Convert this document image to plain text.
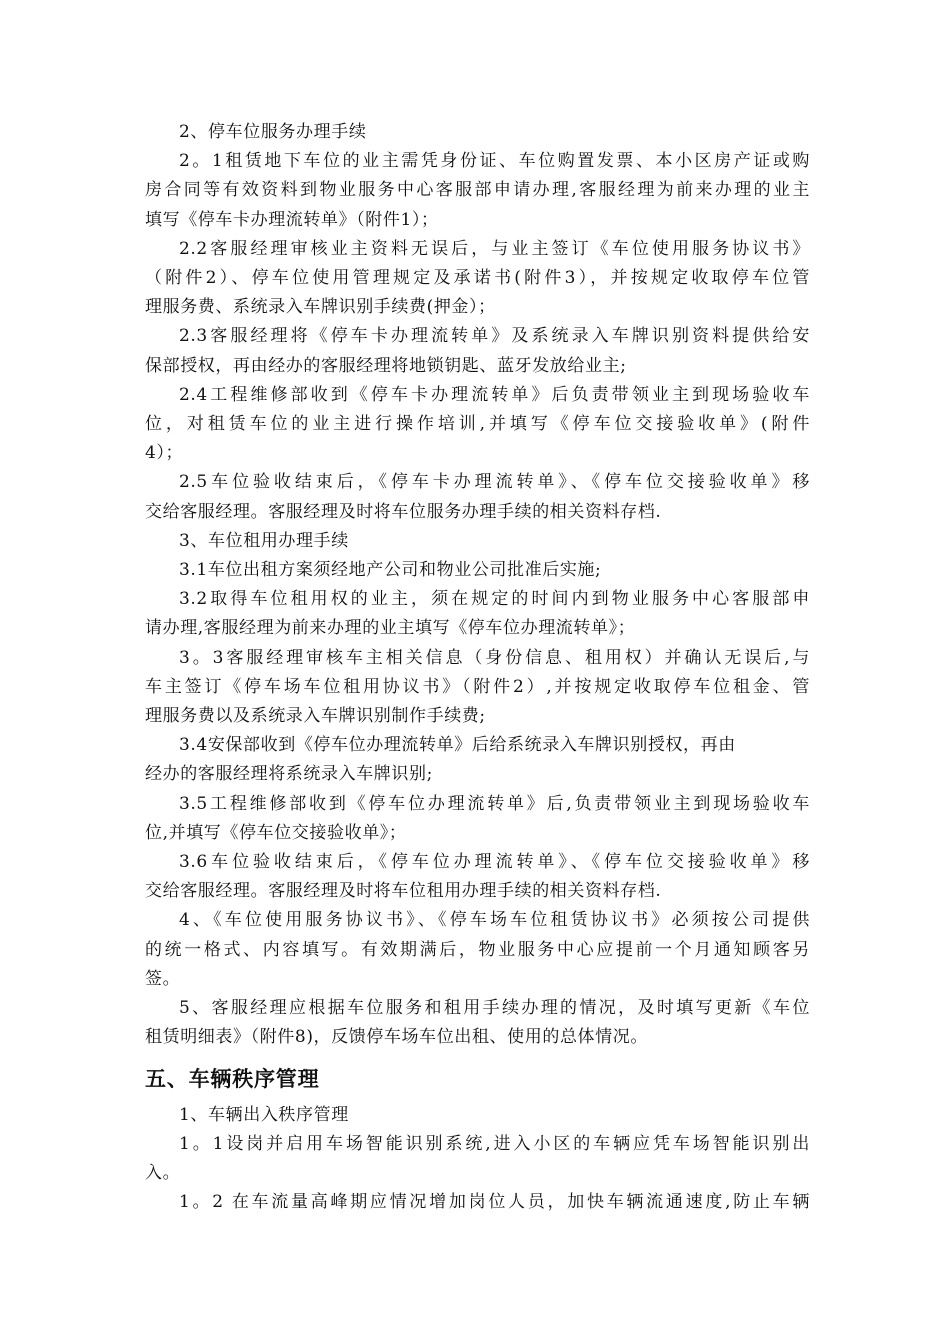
2、停车位服务办理手续

2。1租赁地下车位的业主需凭身份证、车位购置发票、本小区房产证或购

房合同等有效资料到物业服务中心客服部申请办理,客服经理为前来办理的业主

填写《停车卡办理流转单》（附件1）；

2.2客服经理审核业主资料无误后，与业主签订《车位使用服务协议书》

（附件2）、停车位使用管理规定及承诺书(附件3），并按规定收取停车位管

理服务费、系统录入车牌识别手续费(押金）；

2.3客服经理将《停车卡办理流转单》及系统录入车牌识别资料提供给安

保部授权，再由经办的客服经理将地锁钥匙、蓝牙发放给业主;

2.4工程维修部收到《停车卡办理流转单》后负责带领业主到现场验收车

位，对租赁车位的业主进行操作培训,并填写《停车位交接验收单》(附件

4）；

2.5车位验收结束后，《停车卡办理流转单》、《停车位交接验收单》移

交给客服经理。客服经理及时将车位服务办理手续的相关资料存档.

3、车位租用办理手续

3.1车位出租方案须经地产公司和物业公司批准后实施;

3.2取得车位租用权的业主，须在规定的时间内到物业服务中心客服部申

请办理,客服经理为前来办理的业主填写《停车位办理流转单》；

3。3客服经理审核车主相关信息（身份信息、租用权）并确认无误后,与

车主签订《停车场车位租用协议书》（附件2）,并按规定收取停车位租金、管

理服务费以及系统录入车牌识别制作手续费;

3.4安保部收到《停车位办理流转单》后给系统录入车牌识别授权，再由

经办的客服经理将系统录入车牌识别;

3.5工程维修部收到《停车位办理流转单》后,负责带领业主到现场验收车

位,并填写《停车位交接验收单》；

3.6车位验收结束后，《停车位办理流转单》、《停车位交接验收单》移

交给客服经理。客服经理及时将车位租用办理手续的相关资料存档.

4、《车位使用服务协议书》、《停车场车位租赁协议书》必须按公司提供

的统一格式、内容填写。有效期满后，物业服务中心应提前一个月通知顾客另

签。

5、客服经理应根据车位服务和租用手续办理的情况，及时填写更新《车位

租赁明细表》（附件8)，反馈停车场车位出租、使用的总体情况。

五、车辆秩序管理

1、车辆出入秩序管理

1。1设岗并启用车场智能识别系统,进入小区的车辆应凭车场智能识别出

入。

1。2 在车流量高峰期应情况增加岗位人员，加快车辆流通速度,防止车辆
